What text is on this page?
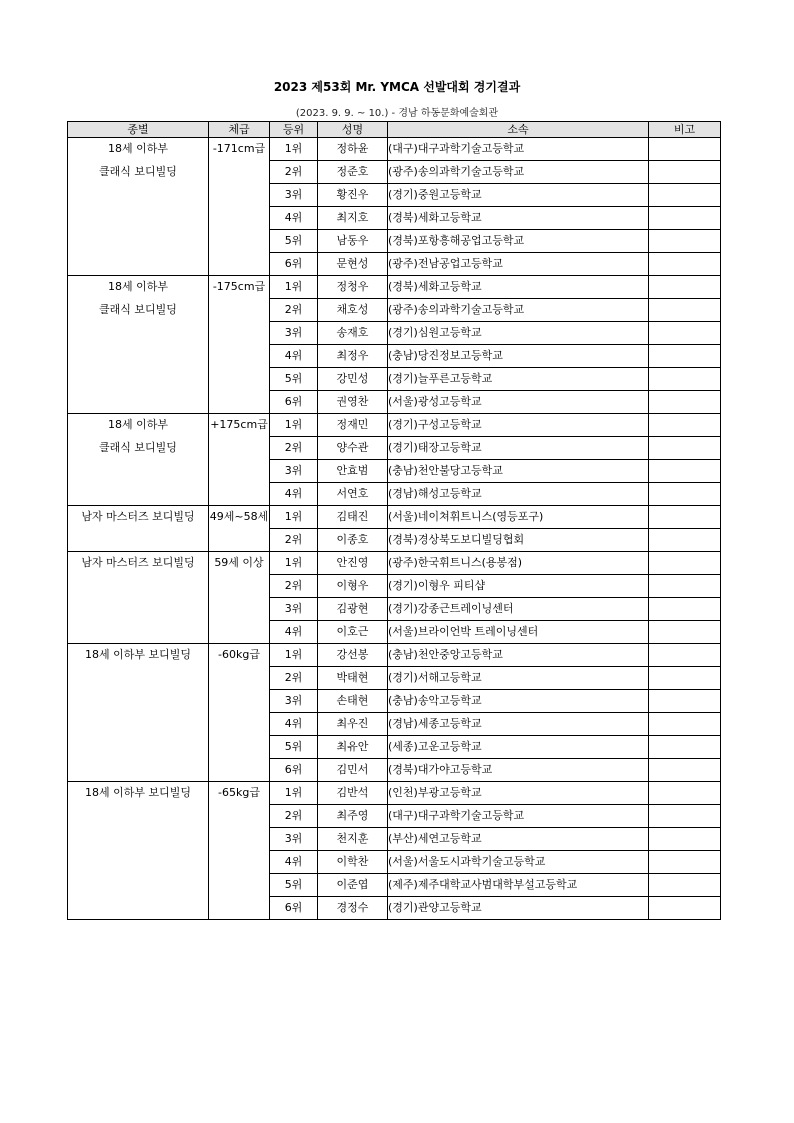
2023 제53회 Mr. YMCA 선발대회 경기결과
(2023. 9. 9. ~ 10.) - 경남 하동문화예술회관
종별	체급	등위	성명	소속	비고

18세 이하부	-171cm급	1위	정하윤	(대구)대구과학기술고등학교	

클래식 보디빌딩		2위	정준호	(광주)송의과학기술고등학교	
		3위	황진우	(경기)중원고등학교	
		4위	최지호	(경북)세화고등학교	
		5위	남동우	(경북)포항흥해공업고등학교	
		6위	문현성	(광주)전남공업고등학교	

18세 이하부	-175cm급	1위	정청우	(경북)세화고등학교	

클래식 보디빌딩		2위	채호성	(광주)송의과학기술고등학교	
		3위	송재호	(경기)심원고등학교	
		4위	최정우	(충남)당진정보고등학교	
		5위	강민성	(경기)늘푸른고등학교	
		6위	권영찬	(서울)광성고등학교	

18세 이하부	+175cm급	1위	정재민	(경기)구성고등학교	

클래식 보디빌딩		2위	양수관	(경기)태장고등학교	
		3위	안효범	(충남)천안불당고등학교	
		4위	서연호	(경남)해성고등학교	

남자 마스터즈 보디빌딩	49세~58세	1위	김태진	(서울)네이쳐휘트니스(영등포구)	
		2위	이종호	(경북)경상북도보디빌딩협회	

남자 마스터즈 보디빌딩	59세 이상	1위	안진영	(광주)한국휘트니스(용봉점)	
		2위	이형우	(경기)이형우 피티샵	
		3위	김광현	(경기)강종근트레이닝센터	
		4위	이호근	(서울)브라이언박 트레이닝센터	

18세 이하부 보디빌딩	-60kg급	1위	강선봉	(충남)천안중앙고등학교	
		2위	박태현	(경기)서해고등학교	
		3위	손태현	(충남)송악고등학교	
		4위	최우진	(경남)세종고등학교	
		5위	최유안	(세종)고운고등학교	
		6위	김민서	(경북)대가야고등학교	

18세 이하부 보디빌딩	-65kg급	1위	김반석	(인천)부광고등학교	
		2위	최주영	(대구)대구과학기술고등학교	
		3위	천지훈	(부산)세연고등학교	
		4위	이학찬	(서울)서울도시과학기술고등학교	
		5위	이준엽	(제주)제주대학교사범대학부설고등학교	
		6위	경정수	(경기)관양고등학교	
